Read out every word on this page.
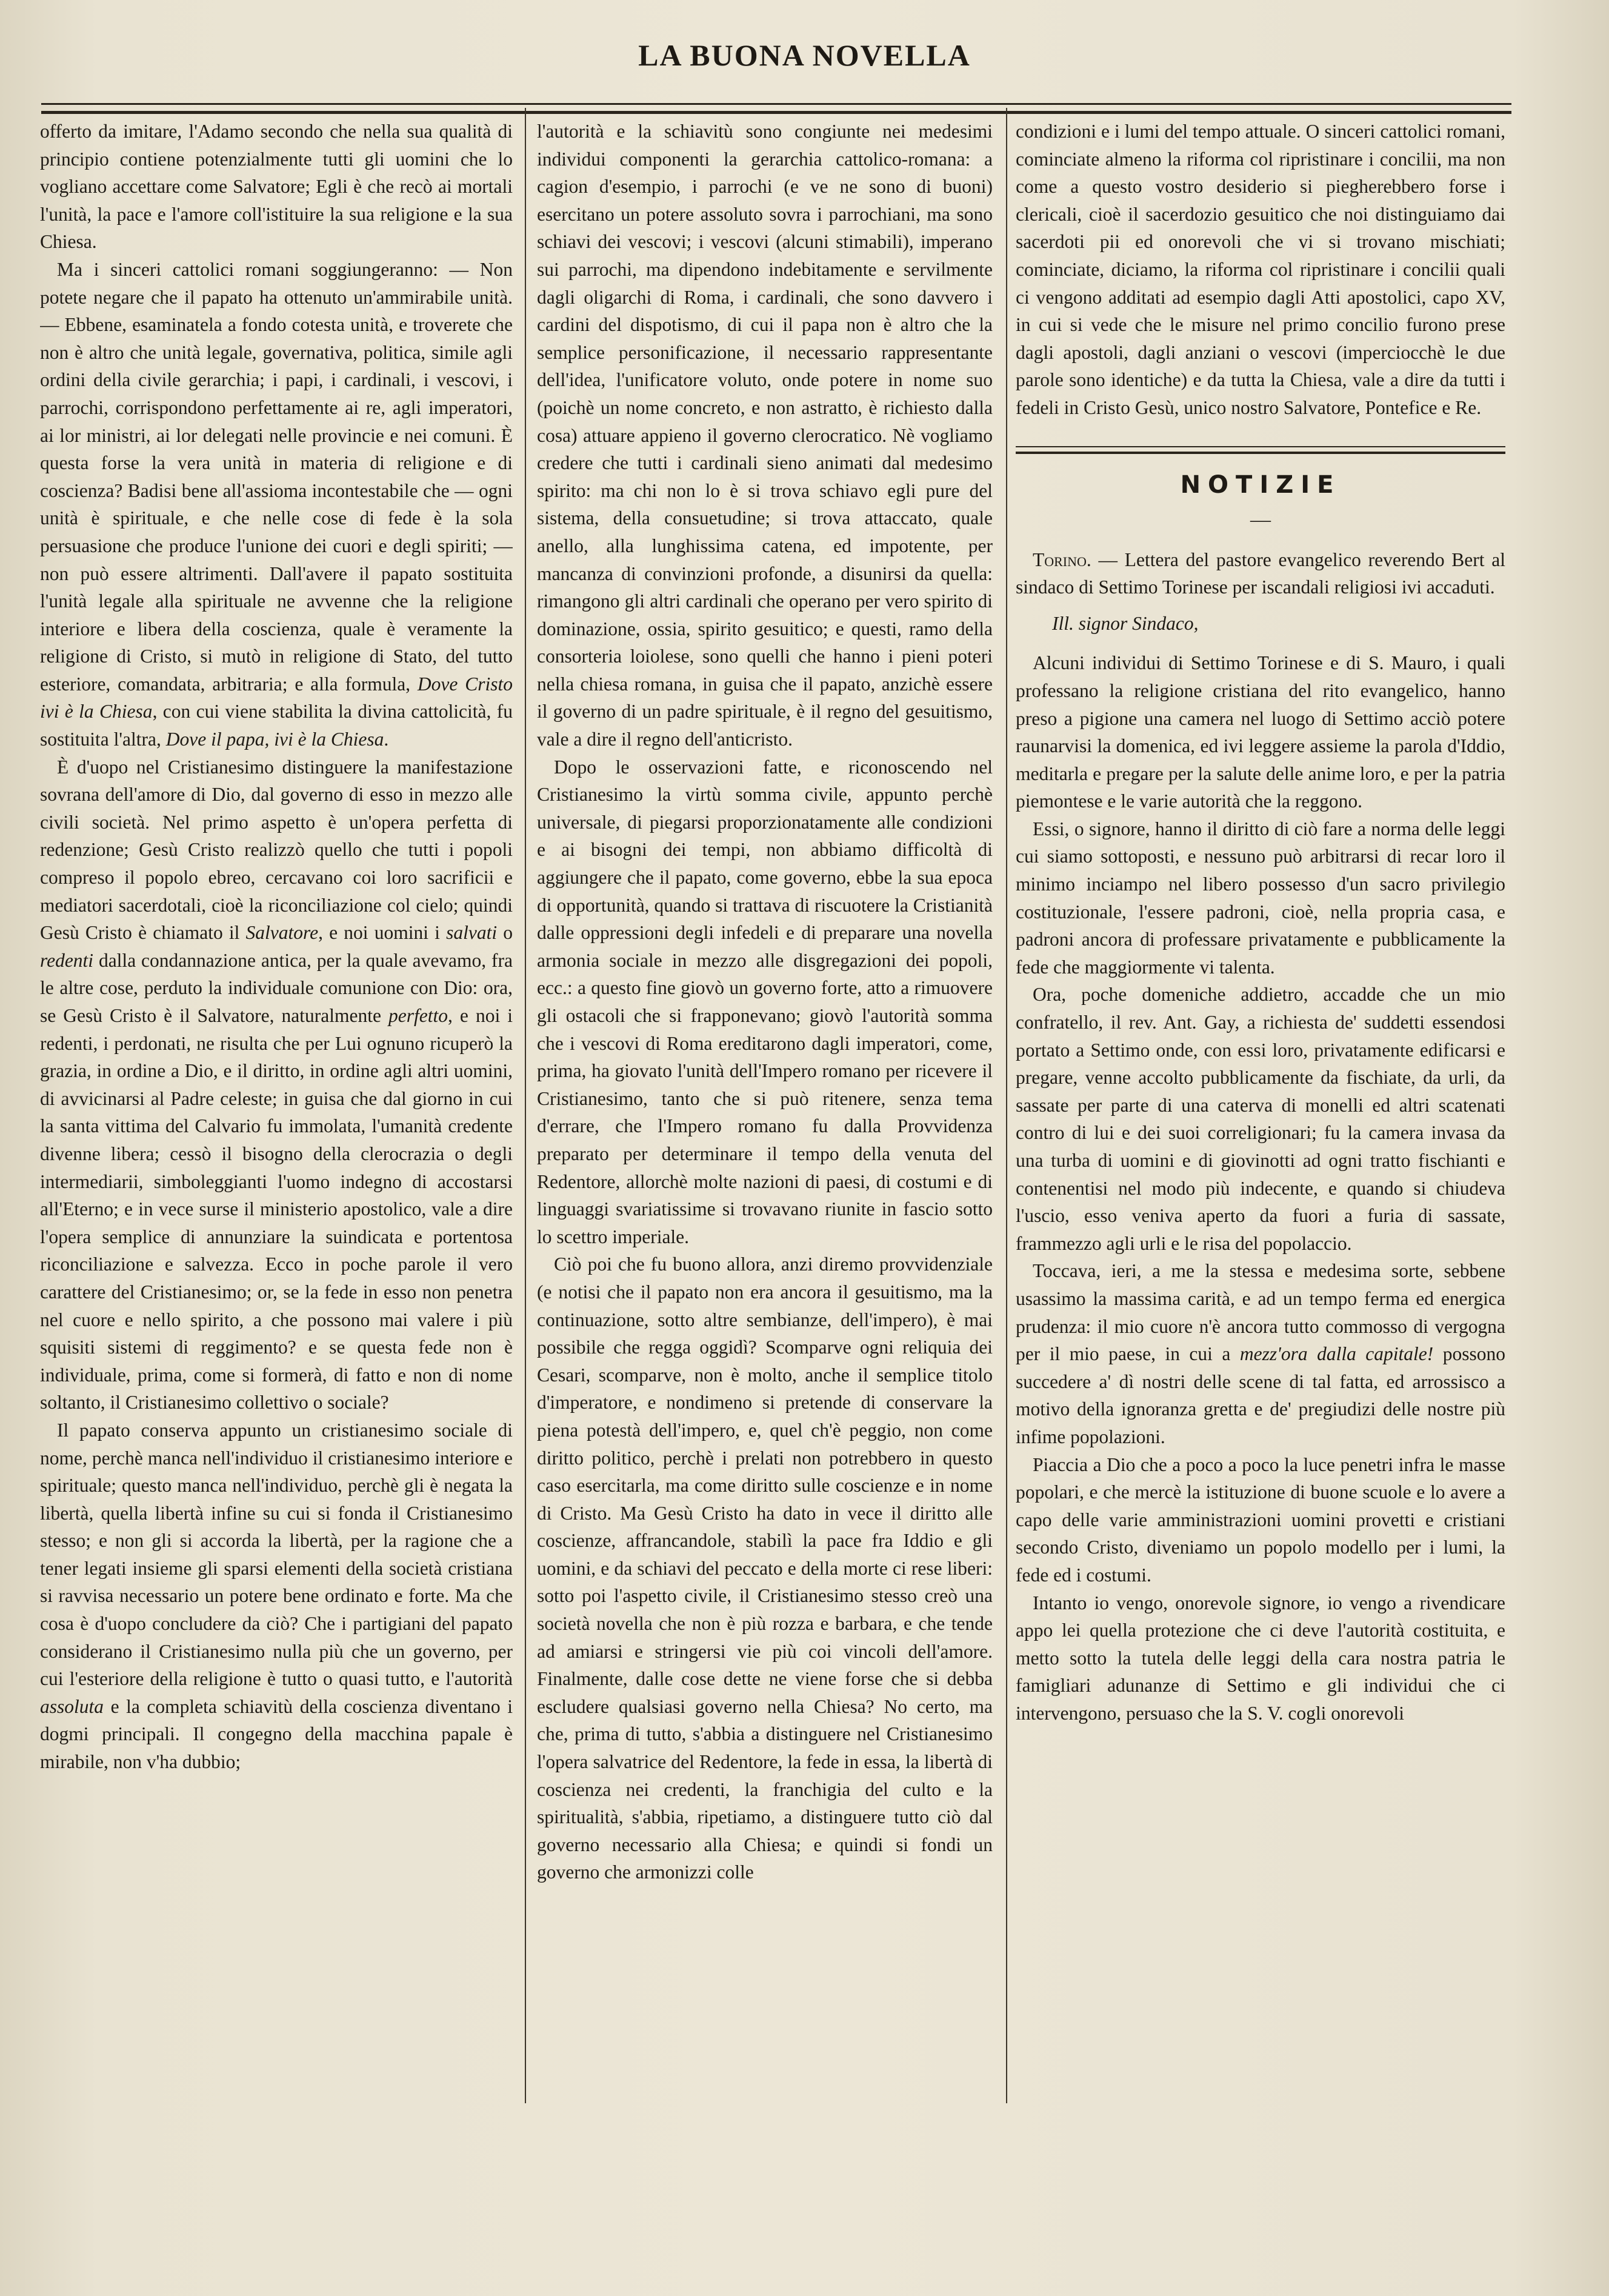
LA BUONA NOVELLA

offerto da imitare, l'Adamo secondo che nella sua qualità di principio contiene potenzialmente tutti gli uomini che lo vogliano accettare come Salvatore; Egli è che recò ai mortali l'unità, la pace e l'amore coll'istituire la sua religione e la sua Chiesa.

Ma i sinceri cattolici romani soggiungeranno: — Non potete negare che il papato ha ottenuto un'ammirabile unità. — Ebbene, esaminatela a fondo cotesta unità, e troverete che non è altro che unità legale, governativa, politica, simile agli ordini della civile gerarchia; i papi, i cardinali, i vescovi, i parrochi, corrispondono perfettamente ai re, agli imperatori, ai lor ministri, ai lor delegati nelle provincie e nei comuni. È questa forse la vera unità in materia di religione e di coscienza? Badisi bene all'assioma incontestabile che — ogni unità è spirituale, e che nelle cose di fede è la sola persuasione che produce l'unione dei cuori e degli spiriti; — non può essere altrimenti. Dall'avere il papato sostituita l'unità legale alla spirituale ne avvenne che la religione interiore e libera della coscienza, quale è veramente la religione di Cristo, si mutò in religione di Stato, del tutto esteriore, comandata, arbitraria; e alla formula, Dove Cristo ivi è la Chiesa, con cui viene stabilita la divina cattolicità, fu sostituita l'altra, Dove il papa, ivi è la Chiesa.

È d'uopo nel Cristianesimo distinguere la manifestazione sovrana dell'amore di Dio, dal governo di esso in mezzo alle civili società. Nel primo aspetto è un'opera perfetta di redenzione; Gesù Cristo realizzò quello che tutti i popoli compreso il popolo ebreo, cercavano coi loro sacrificii e mediatori sacerdotali, cioè la riconciliazione col cielo; quindi Gesù Cristo è chiamato il Salvatore, e noi uomini i salvati o redenti dalla condannazione antica, per la quale avevamo, fra le altre cose, perduto la individuale comunione con Dio: ora, se Gesù Cristo è il Salvatore, naturalmente perfetto, e noi i redenti, i perdonati, ne risulta che per Lui ognuno ricuperò la grazia, in ordine a Dio, e il diritto, in ordine agli altri uomini, di avvicinarsi al Padre celeste; in guisa che dal giorno in cui la santa vittima del Calvario fu immolata, l'umanità credente divenne libera; cessò il bisogno della clerocrazia o degli intermediarii, simboleggianti l'uomo indegno di accostarsi all'Eterno; e in vece surse il ministerio apostolico, vale a dire l'opera semplice di annunziare la suindicata e portentosa riconciliazione e salvezza. Ecco in poche parole il vero carattere del Cristianesimo; or, se la fede in esso non penetra nel cuore e nello spirito, a che possono mai valere i più squisiti sistemi di reggimento? e se questa fede non è individuale, prima, come si formerà, di fatto e non di nome soltanto, il Cristianesimo collettivo o sociale?

Il papato conserva appunto un cristianesimo sociale di nome, perchè manca nell'individuo il cristianesimo interiore e spirituale; questo manca nell'individuo, perchè gli è negata la libertà, quella libertà infine su cui si fonda il Cristianesimo stesso; e non gli si accorda la libertà, per la ragione che a tener legati insieme gli sparsi elementi della società cristiana si ravvisa necessario un potere bene ordinato e forte. Ma che cosa è d'uopo concludere da ciò? Che i partigiani del papato considerano il Cristianesimo nulla più che un governo, per cui l'esteriore della religione è tutto o quasi tutto, e l'autorità assoluta e la completa schiavitù della coscienza diventano i dogmi principali. Il congegno della macchina papale è mirabile, non v'ha dubbio;

l'autorità e la schiavitù sono congiunte nei medesimi individui componenti la gerarchia cattolico-romana: a cagion d'esempio, i parrochi (e ve ne sono di buoni) esercitano un potere assoluto sovra i parrochiani, ma sono schiavi dei vescovi; i vescovi (alcuni stimabili), imperano sui parrochi, ma dipendono indebitamente e servilmente dagli oligarchi di Roma, i cardinali, che sono davvero i cardini del dispotismo, di cui il papa non è altro che la semplice personificazione, il necessario rappresentante dell'idea, l'unificatore voluto, onde potere in nome suo (poichè un nome concreto, e non astratto, è richiesto dalla cosa) attuare appieno il governo clerocratico. Nè vogliamo credere che tutti i cardinali sieno animati dal medesimo spirito: ma chi non lo è si trova schiavo egli pure del sistema, della consuetudine; si trova attaccato, quale anello, alla lunghissima catena, ed impotente, per mancanza di convinzioni profonde, a disunirsi da quella: rimangono gli altri cardinali che operano per vero spirito di dominazione, ossia, spirito gesuitico; e questi, ramo della consorteria loiolese, sono quelli che hanno i pieni poteri nella chiesa romana, in guisa che il papato, anzichè essere il governo di un padre spirituale, è il regno del gesuitismo, vale a dire il regno dell'anticristo.

Dopo le osservazioni fatte, e riconoscendo nel Cristianesimo la virtù somma civile, appunto perchè universale, di piegarsi proporzionatamente alle condizioni e ai bisogni dei tempi, non abbiamo difficoltà di aggiungere che il papato, come governo, ebbe la sua epoca di opportunità, quando si trattava di riscuotere la Cristianità dalle oppressioni degli infedeli e di preparare una novella armonia sociale in mezzo alle disgregazioni dei popoli, ecc.: a questo fine giovò un governo forte, atto a rimuovere gli ostacoli che si frapponevano; giovò l'autorità somma che i vescovi di Roma ereditarono dagli imperatori, come, prima, ha giovato l'unità dell'Impero romano per ricevere il Cristianesimo, tanto che si può ritenere, senza tema d'errare, che l'Impero romano fu dalla Provvidenza preparato per determinare il tempo della venuta del Redentore, allorchè molte nazioni di paesi, di costumi e di linguaggi svariatissime si trovavano riunite in fascio sotto lo scettro imperiale.

Ciò poi che fu buono allora, anzi diremo provvidenziale (e notisi che il papato non era ancora il gesuitismo, ma la continuazione, sotto altre sembianze, dell'impero), è mai possibile che regga oggidì? Scomparve ogni reliquia dei Cesari, scomparve, non è molto, anche il semplice titolo d'imperatore, e nondimeno si pretende di conservare la piena potestà dell'impero, e, quel ch'è peggio, non come diritto politico, perchè i prelati non potrebbero in questo caso esercitarla, ma come diritto sulle coscienze e in nome di Cristo. Ma Gesù Cristo ha dato in vece il diritto alle coscienze, affrancandole, stabilì la pace fra Iddio e gli uomini, e da schiavi del peccato e della morte ci rese liberi: sotto poi l'aspetto civile, il Cristianesimo stesso creò una società novella che non è più rozza e barbara, e che tende ad amiarsi e stringersi vie più coi vincoli dell'amore. Finalmente, dalle cose dette ne viene forse che si debba escludere qualsiasi governo nella Chiesa? No certo, ma che, prima di tutto, s'abbia a distinguere nel Cristianesimo l'opera salvatrice del Redentore, la fede in essa, la libertà di coscienza nei credenti, la franchigia del culto e la spiritualità, s'abbia, ripetiamo, a distinguere tutto ciò dal governo necessario alla Chiesa; e quindi si fondi un governo che armonizzi colle

condizioni e i lumi del tempo attuale. O sinceri cattolici romani, cominciate almeno la riforma col ripristinare i concilii, ma non come a questo vostro desiderio si piegherebbero forse i clericali, cioè il sacerdozio gesuitico che noi distinguiamo dai sacerdoti pii ed onorevoli che vi si trovano mischiati; cominciate, diciamo, la riforma col ripristinare i concilii quali ci vengono additati ad esempio dagli Atti apostolici, capo XV, in cui si vede che le misure nel primo concilio furono prese dagli apostoli, dagli anziani o vescovi (imperciocchè le due parole sono identiche) e da tutta la Chiesa, vale a dire da tutti i fedeli in Cristo Gesù, unico nostro Salvatore, Pontefice e Re.

NOTIZIE
—

Torino. — Lettera del pastore evangelico reverendo Bert al sindaco di Settimo Torinese per iscandali religiosi ivi accaduti.

Ill. signor Sindaco,

Alcuni individui di Settimo Torinese e di S. Mauro, i quali professano la religione cristiana del rito evangelico, hanno preso a pigione una camera nel luogo di Settimo acciò potere raunarvisi la domenica, ed ivi leggere assieme la parola d'Iddio, meditarla e pregare per la salute delle anime loro, e per la patria piemontese e le varie autorità che la reggono.

Essi, o signore, hanno il diritto di ciò fare a norma delle leggi cui siamo sottoposti, e nessuno può arbitrarsi di recar loro il minimo inciampo nel libero possesso d'un sacro privilegio costituzionale, l'essere padroni, cioè, nella propria casa, e padroni ancora di professare privatamente e pubblicamente la fede che maggiormente vi talenta.

Ora, poche domeniche addietro, accadde che un mio confratello, il rev. Ant. Gay, a richiesta de' suddetti essendosi portato a Settimo onde, con essi loro, privatamente edificarsi e pregare, venne accolto pubblicamente da fischiate, da urli, da sassate per parte di una caterva di monelli ed altri scatenati contro di lui e dei suoi correligionari; fu la camera invasa da una turba di uomini e di giovinotti ad ogni tratto fischianti e contenentisi nel modo più indecente, e quando si chiudeva l'uscio, esso veniva aperto da fuori a furia di sassate, frammezzo agli urli e le risa del popolaccio.

Toccava, ieri, a me la stessa e medesima sorte, sebbene usassimo la massima carità, e ad un tempo ferma ed energica prudenza: il mio cuore n'è ancora tutto commosso di vergogna per il mio paese, in cui a mezz'ora dalla capitale! possono succedere a' dì nostri delle scene di tal fatta, ed arrossisco a motivo della ignoranza gretta e de' pregiudizi delle nostre più infime popolazioni.

Piaccia a Dio che a poco a poco la luce penetri infra le masse popolari, e che mercè la istituzione di buone scuole e lo avere a capo delle varie amministrazioni uomini provetti e cristiani secondo Cristo, diveniamo un popolo modello per i lumi, la fede ed i costumi.

Intanto io vengo, onorevole signore, io vengo a rivendicare appo lei quella protezione che ci deve l'autorità costituita, e metto sotto la tutela delle leggi della cara nostra patria le famigliari adunanze di Settimo e gli individui che ci intervengono, persuaso che la S. V. cogli onorevoli
